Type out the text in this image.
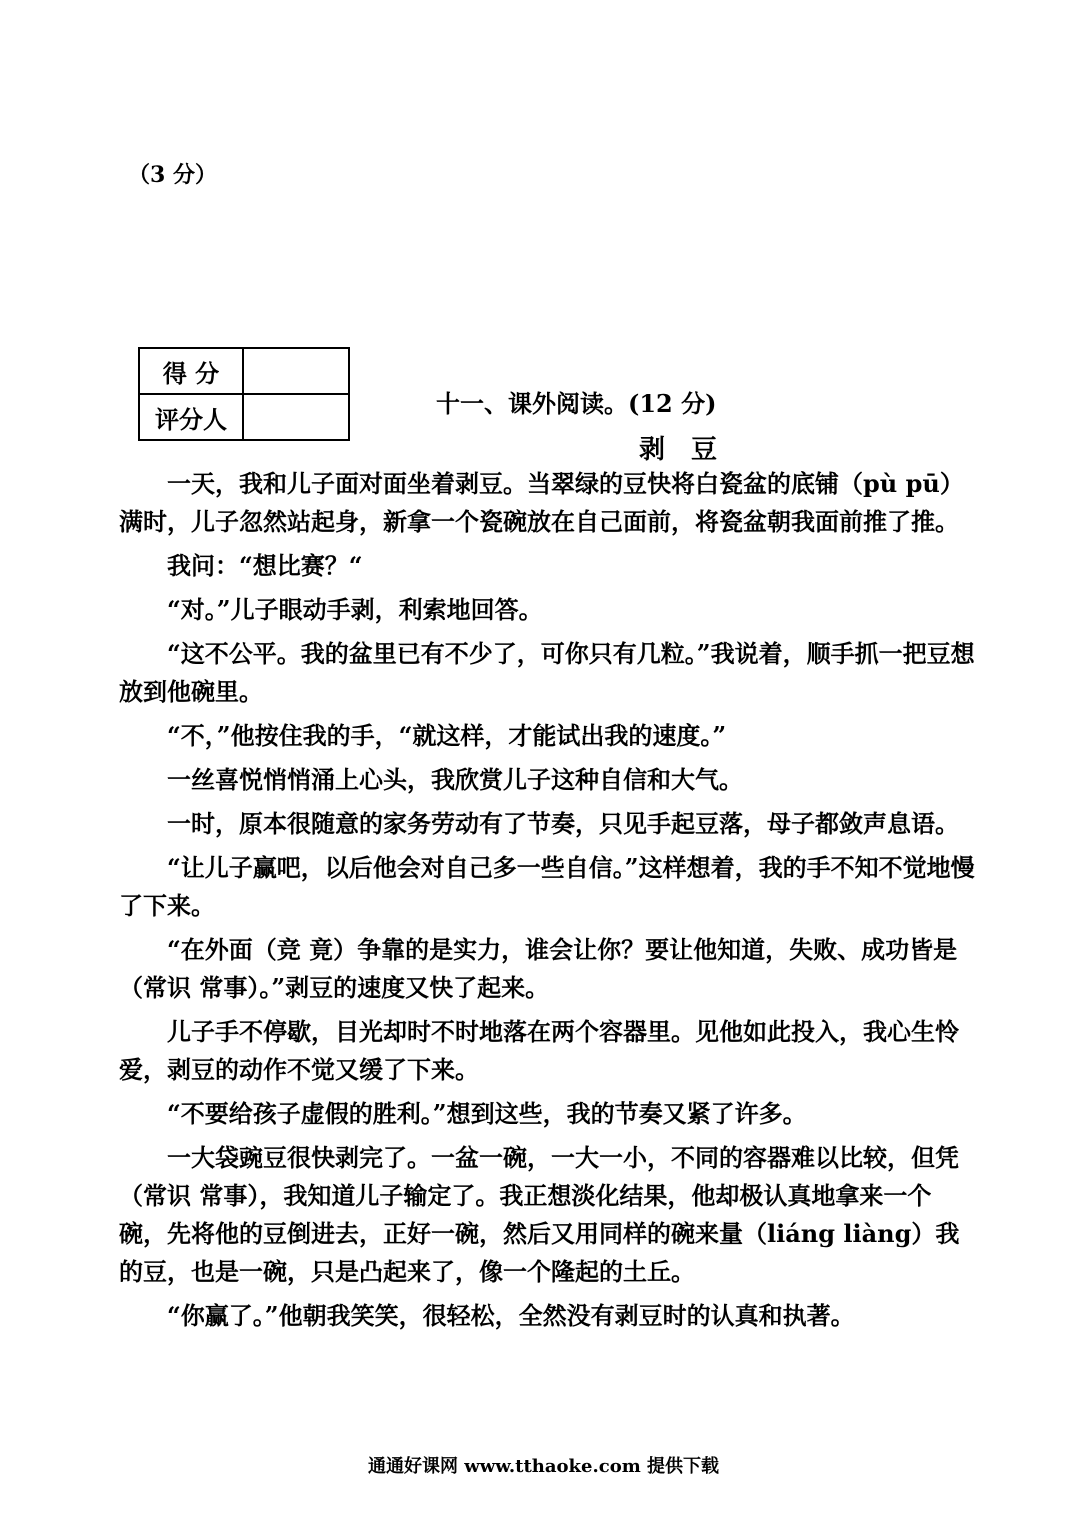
（3 分）
得 分	
评分人	
十一、课外阅读。(12 分)
剥豆

一天，我和儿子面对面坐着剥豆。当翠绿的豆快将白瓷盆的底铺（pù pū）满时，儿子忽然站起身，新拿一个瓷碗放在自己面前，将瓷盆朝我面前推了推。

我问：“想比赛？“

“对。”儿子眼动手剥，利索地回答。

“这不公平。我的盆里已有不少了，可你只有几粒。”我说着，顺手抓一把豆想放到他碗里。

“不，”他按住我的手，“就这样，才能试出我的速度。”

一丝喜悦悄悄涌上心头，我欣赏儿子这种自信和大气。

一时，原本很随意的家务劳动有了节奏，只见手起豆落，母子都敛声息语。

“让儿子赢吧，以后他会对自己多一些自信。”这样想着，我的手不知不觉地慢了下来。

“在外面（竞 竟）争靠的是实力，谁会让你？要让他知道，失败、成功皆是（常识 常事）。”剥豆的速度又快了起来。

儿子手不停歇，目光却时不时地落在两个容器里。见他如此投入，我心生怜爱，剥豆的动作不觉又缓了下来。

“不要给孩子虚假的胜利。”想到这些，我的节奏又紧了许多。

一大袋豌豆很快剥完了。一盆一碗，一大一小，不同的容器难以比较，但凭（常识 常事），我知道儿子输定了。我正想淡化结果，他却极认真地拿来一个碗，先将他的豆倒进去，正好一碗，然后又用同样的碗来量（liáng liàng）我的豆，也是一碗，只是凸起来了，像一个隆起的土丘。

“你赢了。”他朝我笑笑，很轻松，全然没有剥豆时的认真和执著。

通通好课网 www.tthaoke.com 提供下载
